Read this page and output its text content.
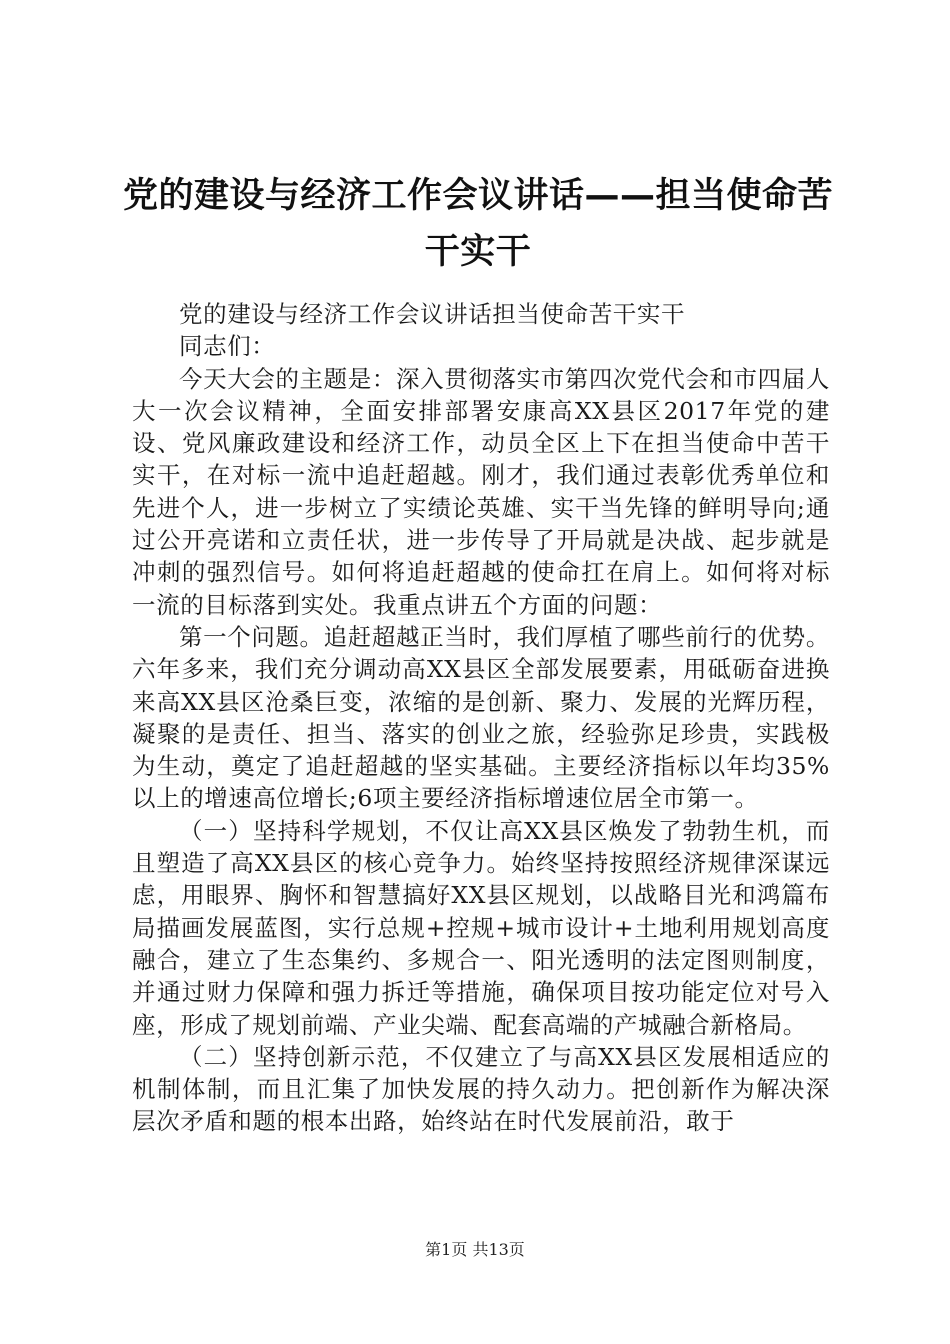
党的建设与经济工作会议讲话——担当使命苦
干实干

党的建设与经济工作会议讲话担当使命苦干实干

同志们：

今天大会的主题是：深入贯彻落实市第四次党代会和市四届人大一次会议精神，全面安排部署安康高XX县区2017年党的建设、党风廉政建设和经济工作，动员全区上下在担当使命中苦干实干，在对标一流中追赶超越。刚才，我们通过表彰优秀单位和先进个人，进一步树立了实绩论英雄、实干当先锋的鲜明导向;通过公开亮诺和立责任状，进一步传导了开局就是决战、起步就是冲刺的强烈信号。如何将追赶超越的使命扛在肩上。如何将对标一流的目标落到实处。我重点讲五个方面的问题：

第一个问题。追赶超越正当时，我们厚植了哪些前行的优势。六年多来，我们充分调动高XX县区全部发展要素，用砥砺奋进换来高XX县区沧桑巨变，浓缩的是创新、聚力、发展的光辉历程，凝聚的是责任、担当、落实的创业之旅，经验弥足珍贵，实践极为生动，奠定了追赶超越的坚实基础。主要经济指标以年均35%以上的增速高位增长;6项主要经济指标增速位居全市第一。

（一）坚持科学规划，不仅让高XX县区焕发了勃勃生机，而且塑造了高XX县区的核心竞争力。始终坚持按照经济规律深谋远虑，用眼界、胸怀和智慧搞好XX县区规划，以战略目光和鸿篇布局描画发展蓝图，实行总规+控规+城市设计+土地利用规划高度融合，建立了生态集约、多规合一、阳光透明的法定图则制度，并通过财力保障和强力拆迁等措施，确保项目按功能定位对号入座，形成了规划前端、产业尖端、配套高端的产城融合新格局。

（二）坚持创新示范，不仅建立了与高XX县区发展相适应的机制体制，而且汇集了加快发展的持久动力。把创新作为解决深层次矛盾和题的根本出路，始终站在时代发展前沿，敢于

第1页 共13页
